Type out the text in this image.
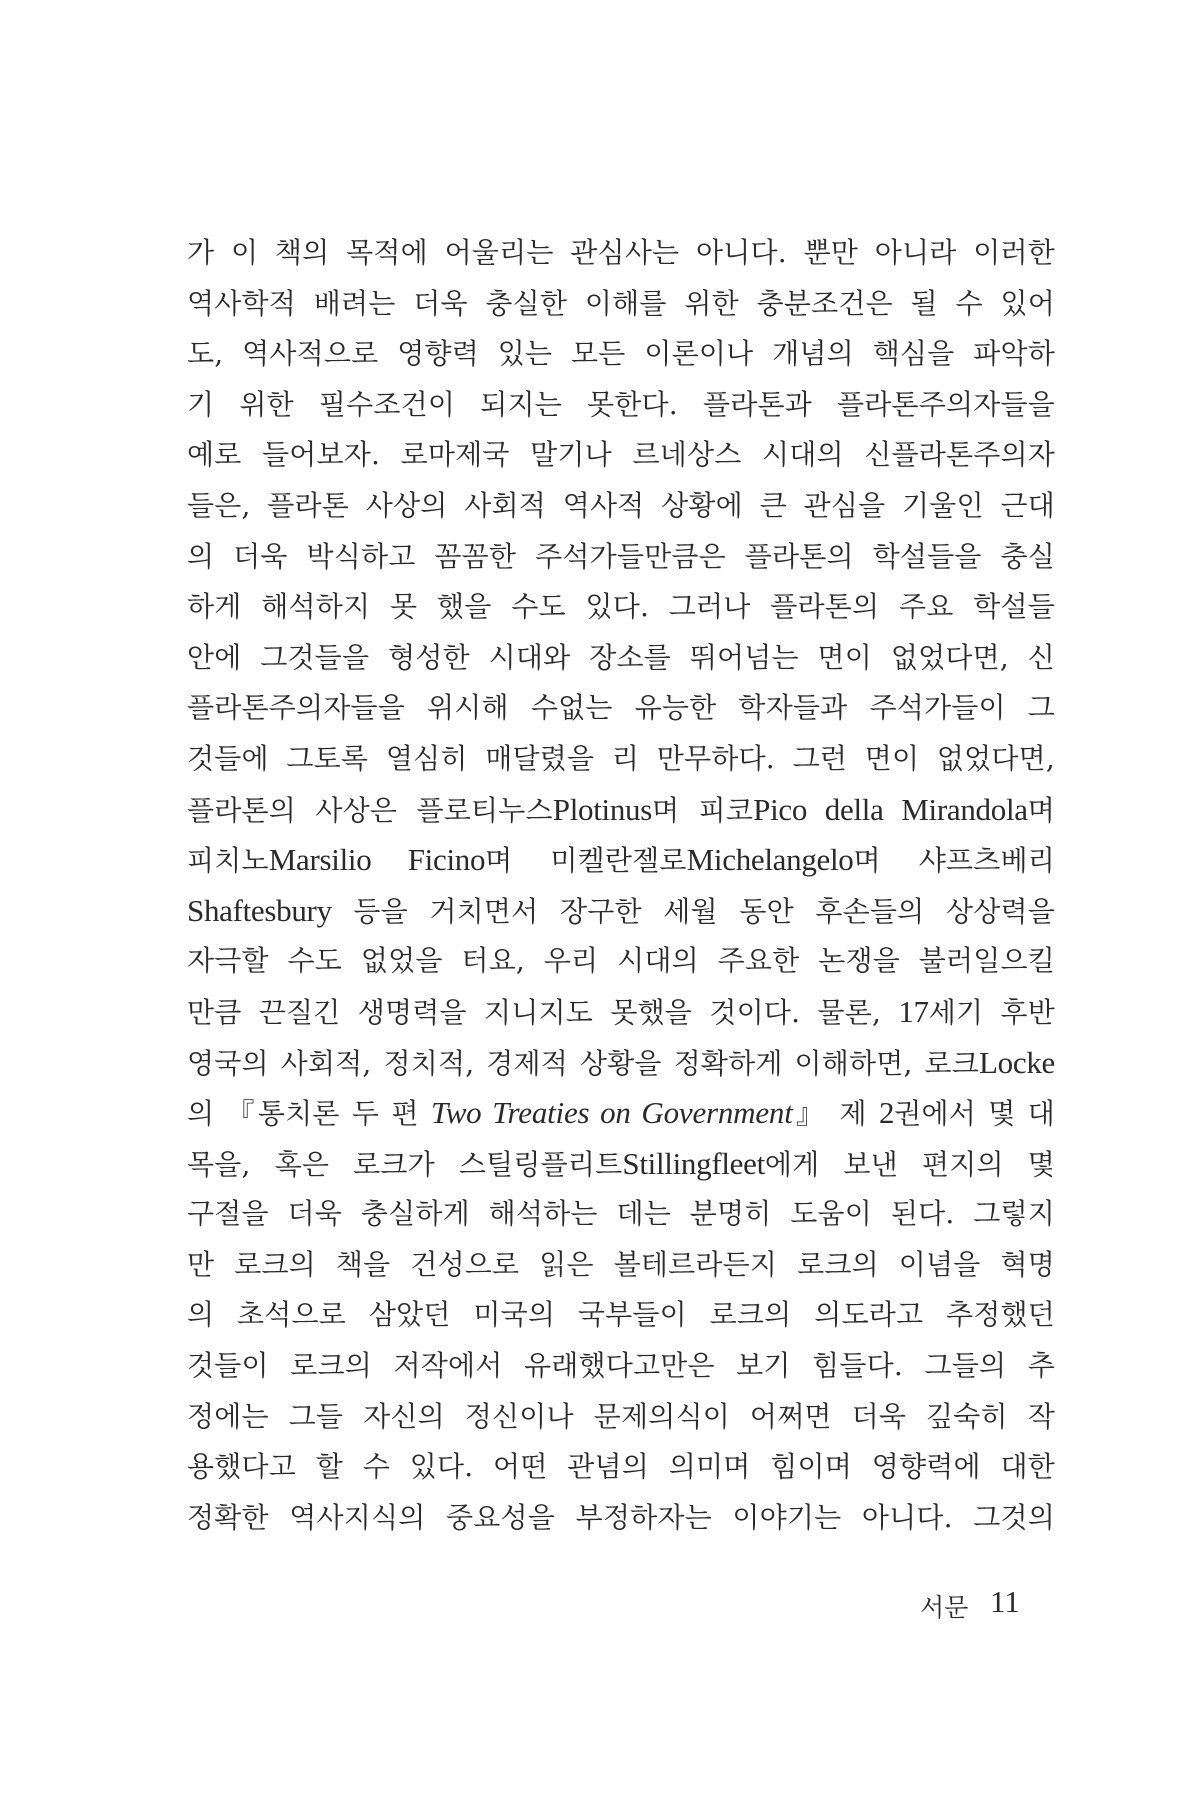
가 이 책의 목적에 어울리는 관심사는 아니다. 뿐만 아니라 이러한
역사학적 배려는 더욱 충실한 이해를 위한 충분조건은 될 수 있어
도, 역사적으로 영향력 있는 모든 이론이나 개념의 핵심을 파악하
기 위한 필수조건이 되지는 못한다. 플라톤과 플라톤주의자들을
예로 들어보자. 로마제국 말기나 르네상스 시대의 신플라톤주의자
들은, 플라톤 사상의 사회적 역사적 상황에 큰 관심을 기울인 근대
의 더욱 박식하고 꼼꼼한 주석가들만큼은 플라톤의 학설들을 충실
하게 해석하지 못 했을 수도 있다. 그러나 플라톤의 주요 학설들
안에 그것들을 형성한 시대와 장소를 뛰어넘는 면이 없었다면, 신
플라톤주의자들을 위시해 수없는 유능한 학자들과 주석가들이 그
것들에 그토록 열심히 매달렸을 리 만무하다. 그런 면이 없었다면,
플라톤의 사상은 플로티누스Plotinus며 피코Pico della Mirandola며
피치노Marsilio Ficino며 미켈란젤로Michelangelo며 샤프츠베리
Shaftesbury 등을 거치면서 장구한 세월 동안 후손들의 상상력을
자극할 수도 없었을 터요, 우리 시대의 주요한 논쟁을 불러일으킬
만큼 끈질긴 생명력을 지니지도 못했을 것이다. 물론, 17세기 후반
영국의 사회적, 정치적, 경제적 상황을 정확하게 이해하면, 로크Locke
의 『통치론 두 편 Two Treaties on Government』 제 2권에서 몇 대
목을, 혹은 로크가 스틸링플리트Stillingfleet에게 보낸 편지의 몇
구절을 더욱 충실하게 해석하는 데는 분명히 도움이 된다. 그렇지
만 로크의 책을 건성으로 읽은 볼테르라든지 로크의 이념을 혁명
의 초석으로 삼았던 미국의 국부들이 로크의 의도라고 추정했던
것들이 로크의 저작에서 유래했다고만은 보기 힘들다. 그들의 추
정에는 그들 자신의 정신이나 문제의식이 어쩌면 더욱 깊숙히 작
용했다고 할 수 있다. 어떤 관념의 의미며 힘이며 영향력에 대한
정확한 역사지식의 중요성을 부정하자는 이야기는 아니다. 그것의
서문 11
